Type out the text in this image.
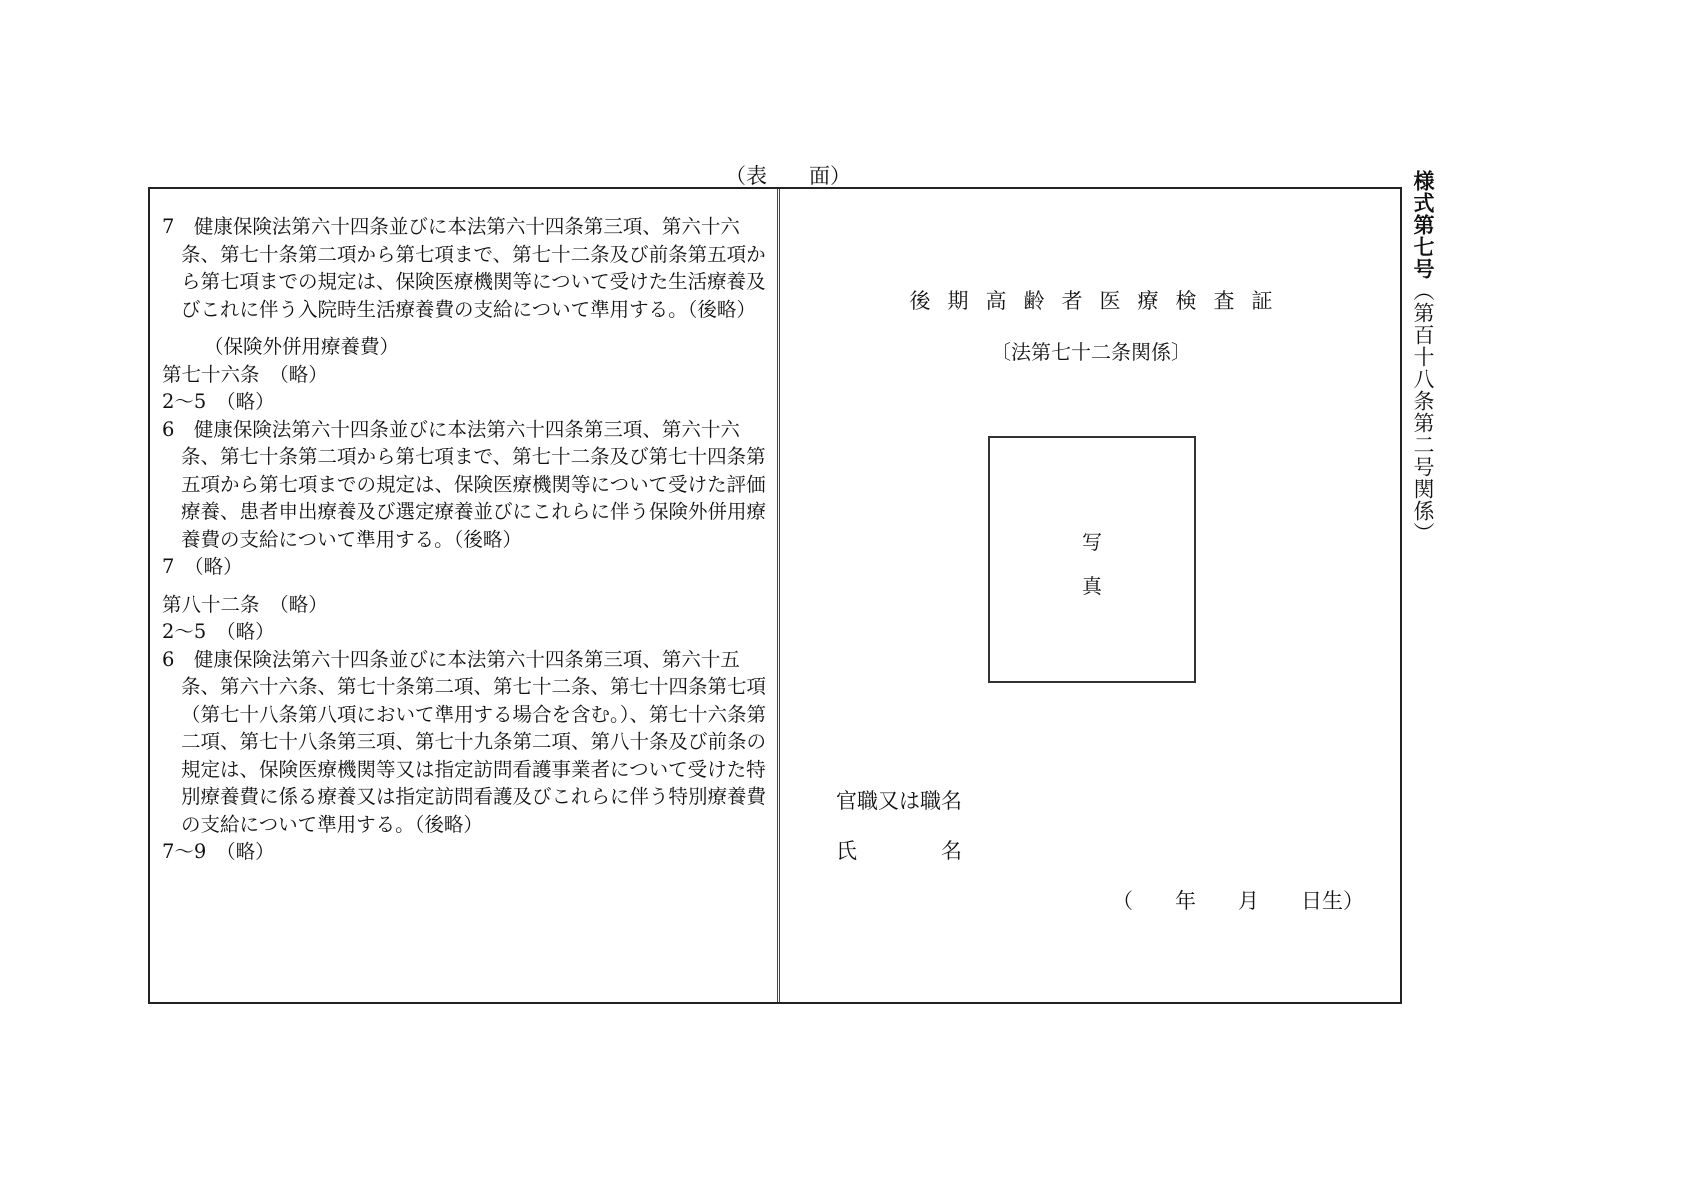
様式第七号（第百十八条第二号関係）
（表　　面）

7　健康保険法第六十四条並びに本法第六十四条第三項、第六十六条、第七十条第二項から第七項まで、第七十二条及び前条第五項から第七項までの規定は、保険医療機関等について受けた生活療養及びこれに伴う入院時生活療養費の支給について準用する。（後略）

（保険外併用療養費）

第七十六条　（略）

2～5　（略）

6　健康保険法第六十四条並びに本法第六十四条第三項、第六十六条、第七十条第二項から第七項まで、第七十二条及び第七十四条第五項から第七項までの規定は、保険医療機関等について受けた評価療養、患者申出療養及び選定療養並びにこれらに伴う保険外併用療養費の支給について準用する。（後略）

7　（略）

第八十二条　（略）

2～5　（略）

6　健康保険法第六十四条並びに本法第六十四条第三項、第六十五条、第六十六条、第七十条第二項、第七十二条、第七十四条第七項（第七十八条第八項において準用する場合を含む。）、第七十六条第二項、第七十八条第三項、第七十九条第二項、第八十条及び前条の規定は、保険医療機関等又は指定訪問看護事業者について受けた特別療養費に係る療養又は指定訪問看護及びこれらに伴う特別療養費の支給について準用する。（後略）

7～9　（略）

後期高齢者医療検査証
〔法第七十二条関係〕
写
真
官職又は職名
氏　　　　名
（　　年　　月　　日生）
